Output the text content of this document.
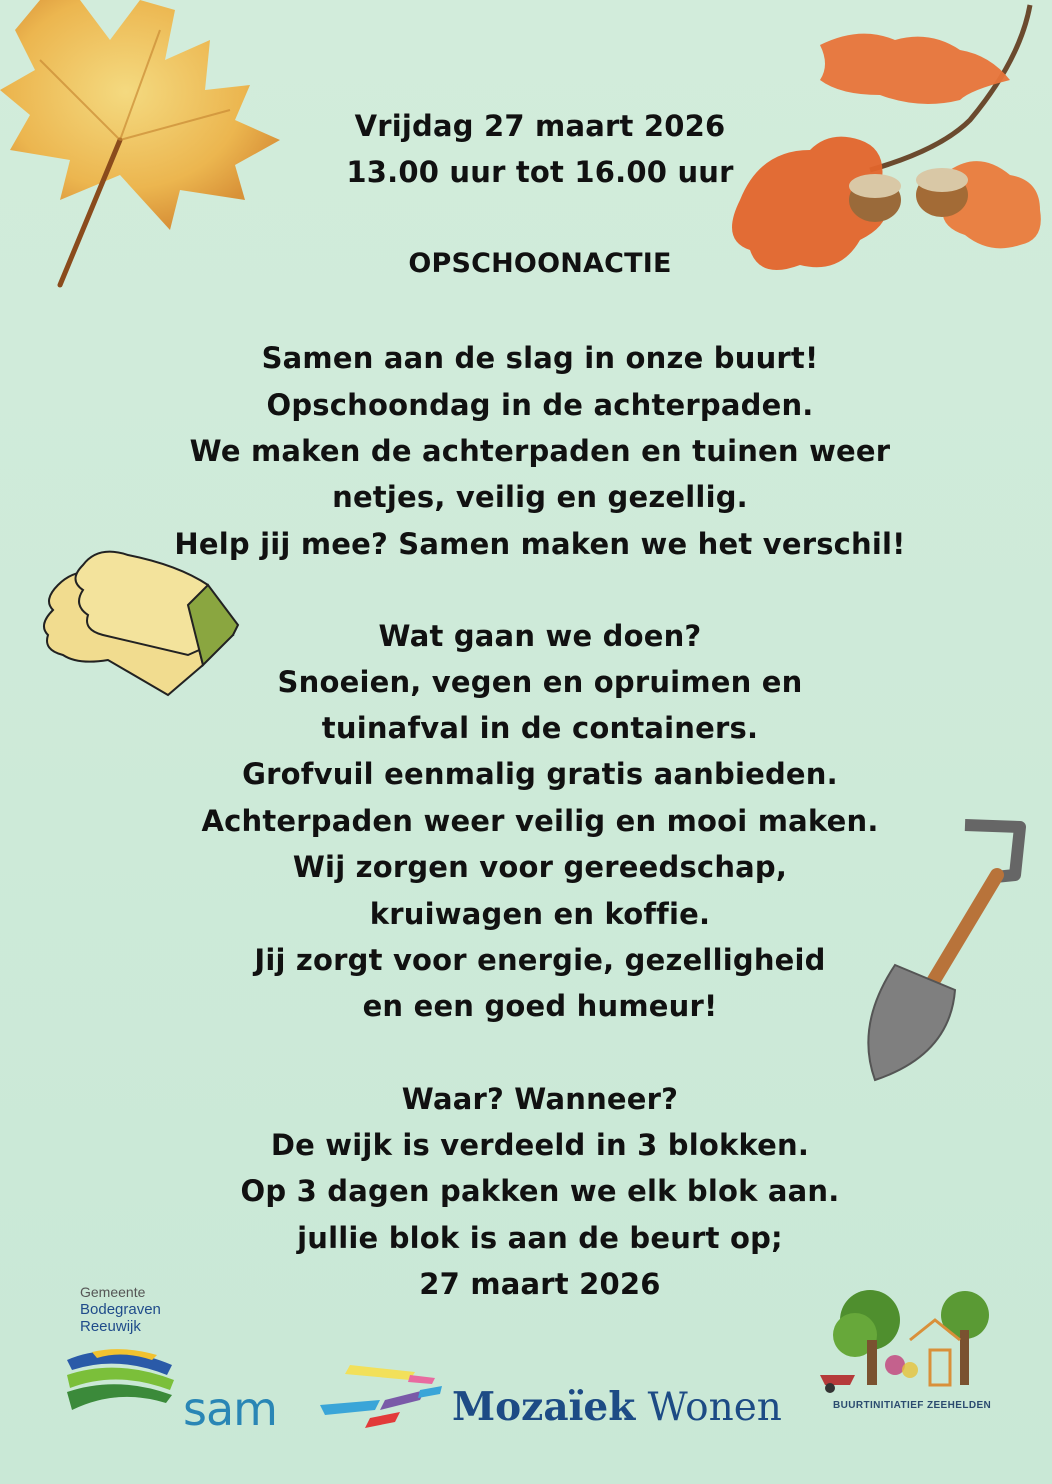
Vrijdag 27 maart 2026
13.00 uur tot 16.00 uur
OPSCHOONACTIE
Samen aan de slag in onze buurt!
Opschoondag in de achterpaden.
We maken de achterpaden en tuinen weer
netjes, veilig en gezellig.
Help jij mee? Samen maken we het verschil!
Wat gaan we doen?
Snoeien, vegen en opruimen en
tuinafval in de containers.
Grofvuil eenmalig gratis aanbieden.
Achterpaden weer veilig en mooi maken.
Wij zorgen voor gereedschap,
kruiwagen en koffie.
Jij zorgt voor energie, gezelligheid
en een goed humeur!
Waar? Wanneer?
De wijk is verdeeld in 3 blokken.
Op 3 dagen pakken we elk blok aan.
jullie blok is aan de beurt op;
27 maart 2026
Gemeente
Bodegraven
Reeuwijk
sam	Mozaïek Wonen	BUURTINITIATIEF ZEEHELDEN
